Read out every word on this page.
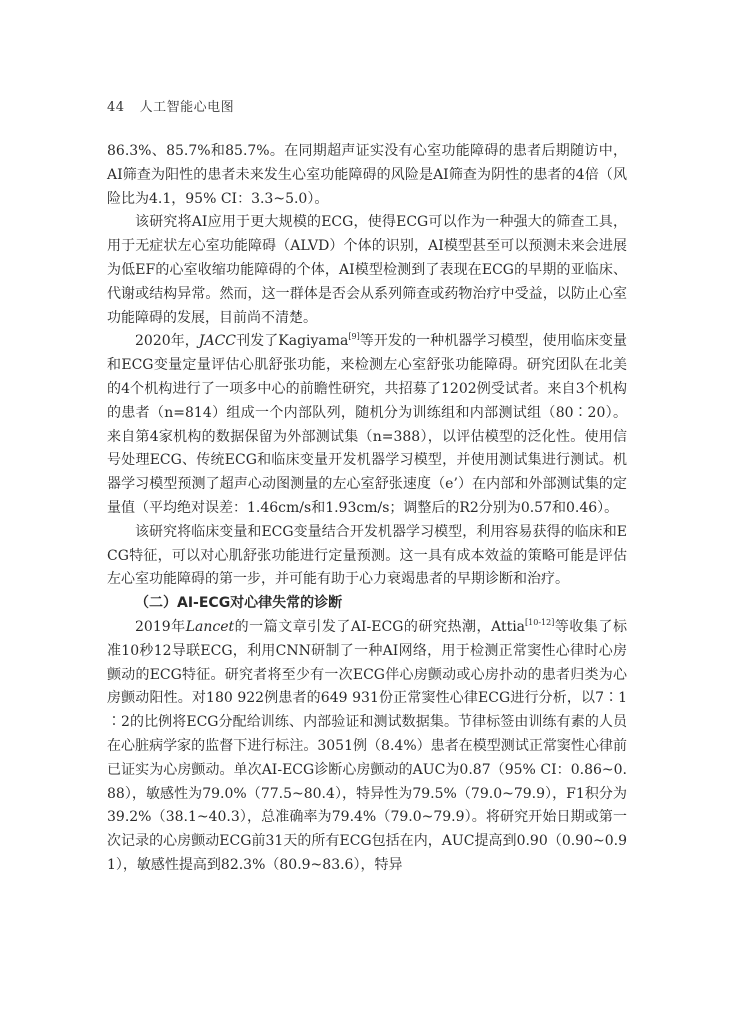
44 人工智能心电图

86.3%、85.7%和85.7%。在同期超声证实没有心室功能障碍的患者后期随访中，AI筛查为阳性的患者未来发生心室功能障碍的风险是AI筛查为阴性的患者的4倍（风险比为4.1，95% CI：3.3~5.0）。

该研究将AI应用于更大规模的ECG，使得ECG可以作为一种强大的筛查工具，用于无症状左心室功能障碍（ALVD）个体的识别，AI模型甚至可以预测未来会进展为低EF的心室收缩功能障碍的个体，AI模型检测到了表现在ECG的早期的亚临床、代谢或结构异常。然而，这一群体是否会从系列筛查或药物治疗中受益，以防止心室功能障碍的发展，目前尚不清楚。

2020年，JACC刊发了Kagiyama[9]等开发的一种机器学习模型，使用临床变量和ECG变量定量评估心肌舒张功能，来检测左心室舒张功能障碍。研究团队在北美的4个机构进行了一项多中心的前瞻性研究，共招募了1202例受试者。来自3个机构的患者（n=814）组成一个内部队列，随机分为训练组和内部测试组（80∶20）。来自第4家机构的数据保留为外部测试集（n=388），以评估模型的泛化性。使用信号处理ECG、传统ECG和临床变量开发机器学习模型，并使用测试集进行测试。机器学习模型预测了超声心动图测量的左心室舒张速度（e’）在内部和外部测试集的定量值（平均绝对误差：1.46cm/s和1.93cm/s；调整后的R2分别为0.57和0.46）。

该研究将临床变量和ECG变量结合开发机器学习模型，利用容易获得的临床和ECG特征，可以对心肌舒张功能进行定量预测。这一具有成本效益的策略可能是评估左心室功能障碍的第一步，并可能有助于心力衰竭患者的早期诊断和治疗。

（二）AI-ECG对心律失常的诊断

2019年Lancet的一篇文章引发了AI-ECG的研究热潮，Attia[10-12]等收集了标准10秒12导联ECG，利用CNN研制了一种AI网络，用于检测正常窦性心律时心房颤动的ECG特征。研究者将至少有一次ECG伴心房颤动或心房扑动的患者归类为心房颤动阳性。对180 922例患者的649 931份正常窦性心律ECG进行分析，以7∶1∶2的比例将ECG分配给训练、内部验证和测试数据集。节律标签由训练有素的人员在心脏病学家的监督下进行标注。3051例（8.4%）患者在模型测试正常窦性心律前已证实为心房颤动。单次AI-ECG诊断心房颤动的AUC为0.87（95% CI：0.86~0.88），敏感性为79.0%（77.5~80.4），特异性为79.5%（79.0~79.9），F1积分为39.2%（38.1~40.3），总准确率为79.4%（79.0~79.9）。将研究开始日期或第一次记录的心房颤动ECG前31天的所有ECG包括在内，AUC提高到0.90（0.90~0.91），敏感性提高到82.3%（80.9~83.6），特异
